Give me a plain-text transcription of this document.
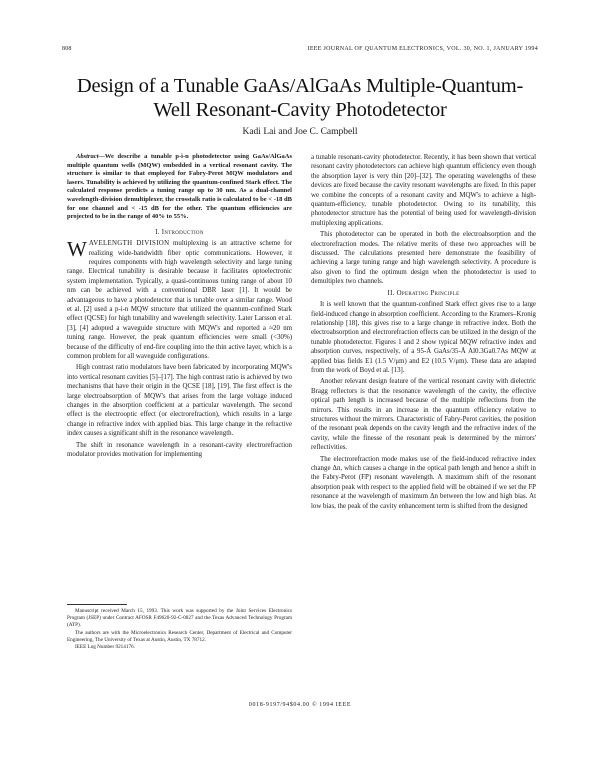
808	IEEE JOURNAL OF QUANTUM ELECTRONICS, VOL. 30, NO. 1, JANUARY 1994
Design of a Tunable GaAs/AlGaAs Multiple-Quantum-Well Resonant-Cavity Photodetector
Kadi Lai and Joe C. Campbell

Abstract—We describe a tunable p-i-n photodetector using GaAs/AlGaAs multiple quantum wells (MQW) embedded in a vertical resonant cavity. The structure is similar to that employed for Fabry-Perot MQW modulators and lasers. Tunability is achieved by utilizing the quantum-confined Stark effect. The calculated response predicts a tuning range up to 30 nm. As a dual-channel wavelength-division demultiplexer, the crosstalk ratio is calculated to be < -18 dB for one channel and < -15 dB for the other. The quantum efficiencies are projected to be in the range of 40% to 55%.

I. Introduction

WAVELENGTH DIVISION multiplexing is an attractive scheme for realizing wide-bandwidth fiber optic communications. However, it requires components with high wavelength selectivity and large tuning range. Electrical tunability is desirable because it facilitates optoelectronic system implementation. Typically, a quasi-continuous tuning range of about 10 nm can be achieved with a conventional DBR laser [1]. It would be advantageous to have a photodetector that is tunable over a similar range. Wood et al. [2] used a p-i-n MQW structure that utilized the quantum-confined Stark effect (QCSE) for high tunability and wavelength selectivity. Later Larsson et al. [3], [4] adopted a waveguide structure with MQW's and reported a ≈20 nm tuning range. However, the peak quantum efficiencies were small (<30%) because of the difficulty of end-fire coupling into the thin active layer, which is a common problem for all waveguide configurations.

High contrast ratio modulators have been fabricated by incorporating MQW's into vertical resonant cavities [5]–[17]. The high contrast ratio is achieved by two mechanisms that have their origin in the QCSE [18], [19]. The first effect is the large electroabsorption of MQW's that arises from the large voltage induced changes in the absorption coefficient at a particular wavelength. The second effect is the electrooptic effect (or electrorefraction), which results in a large change in refractive index with applied bias. This large change in the refractive index causes a significant shift in the resonance wavelength.

The shift in resonance wavelength in a resonant-cavity electrorefraction modulator provides motivation for implementing

Manuscript received March 15, 1993. This work was supported by the Joint Services Electronics Program (JSEP) under Contract AFOSR F49620-92-C-0027 and the Texas Advanced Technology Program (ATP).

The authors are with the Microelectronics Research Center, Department of Electrical and Computer Engineering, The University of Texas at Austin, Austin, TX 78712.

IEEE Log Number 9214176.

a tunable resonant-cavity photodetector. Recently, it has been shown that vertical resonant cavity photodetectors can achieve high quantum efficiency even though the absorption layer is very thin [20]–[32]. The operating wavelengths of these devices are fixed because the cavity resonant wavelengths are fixed. In this paper we combine the concepts of a resonant cavity and MQW's to achieve a high-quantum-efficiency, tunable photodetector. Owing to its tunability, this photodetector structure has the potential of being used for wavelength-division multiplexing applications.

This photodetector can be operated in both the electroabsorption and the electrorefraction modes. The relative merits of these two approaches will be discussed. The calculations presented here demonstrate the feasibility of achieving a large tuning range and high wavelength selectivity. A procedure is also given to find the optimum design when the photodetector is used to demultiplex two channels.

II. Operating Principle

It is well known that the quantum-confined Stark effect gives rise to a large field-induced change in absorption coefficient. According to the Kramers–Kronig relationship [18], this gives rise to a large change in refractive index. Both the electroabsorption and electrorefraction effects can be utilized in the design of the tunable photodetector. Figures 1 and 2 show typical MQW refractive index and absorption curves, respectively, of a 95-Å GaAs/35-Å Al0.3Ga0.7As MQW at applied bias fields E1 (1.5 V/μm) and E2 (10.5 V/μm). These data are adapted from the work of Boyd et al. [13].

Another relevant design feature of the vertical resonant cavity with dielectric Bragg reflectors is that the resonance wavelength of the cavity, the effective optical path length is increased because of the multiple reflections from the mirrors. This results in an increase in the quantum efficiency relative to structures without the mirrors. Characteristic of Fabry-Perot cavities, the position of the resonant peak depends on the cavity length and the refractive index of the cavity, while the finesse of the resonant peak is determined by the mirrors' reflectivities.

The electrorefraction mode makes use of the field-induced refractive index change Δn, which causes a change in the optical path length and hence a shift in the Fabry-Perot (FP) resonant wavelength. A maximum shift of the resonant absorption peak with respect to the applied field will be obtained if we set the FP resonance at the wavelength of maximum Δn between the low and high bias. At low bias, the peak of the cavity enhancement term is shifted from the designed

0018-9197/94$04.00 © 1994 IEEE
